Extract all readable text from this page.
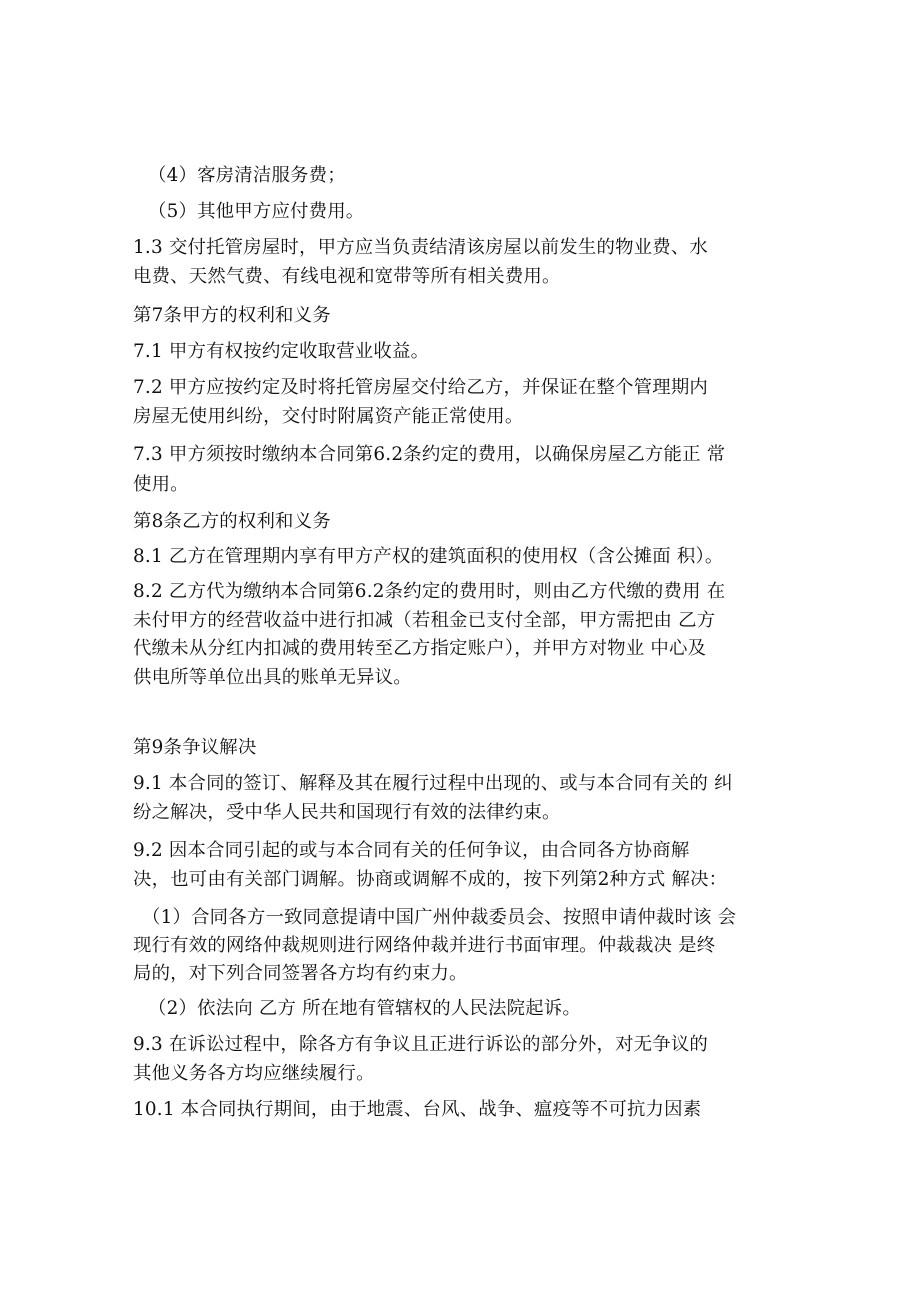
（4）客房清洁服务费；
（5）其他甲方应付费用。
1.3 交付托管房屋时，甲方应当负责结清该房屋以前发生的物业费、水
电费、天然气费、有线电视和宽带等所有相关费用。
第7条甲方的权利和义务
7.1 甲方有权按约定收取营业收益。
7.2 甲方应按约定及时将托管房屋交付给乙方，并保证在整个管理期内
房屋无使用纠纷，交付时附属资产能正常使用。
7.3 甲方须按时缴纳本合同第6.2条约定的费用，以确保房屋乙方能正 常
使用。
第8条乙方的权利和义务
8.1 乙方在管理期内享有甲方产权的建筑面积的使用权（含公摊面 积）。
8.2 乙方代为缴纳本合同第6.2条约定的费用时，则由乙方代缴的费用 在
未付甲方的经营收益中进行扣减（若租金已支付全部，甲方需把由 乙方
代缴未从分红内扣减的费用转至乙方指定账户），并甲方对物业 中心及
供电所等单位出具的账单无异议。
第9条争议解决
9.1 本合同的签订、解释及其在履行过程中出现的、或与本合同有关的 纠
纷之解决，受中华人民共和国现行有效的法律约束。
9.2 因本合同引起的或与本合同有关的任何争议，由合同各方协商解
决，也可由有关部门调解。协商或调解不成的，按下列第2种方式 解决：
（1）合同各方一致同意提请中国广州仲裁委员会、按照申请仲裁时该 会
现行有效的网络仲裁规则进行网络仲裁并进行书面审理。仲裁裁决 是终
局的，对下列合同签署各方均有约束力。
（2）依法向 乙方 所在地有管辖权的人民法院起诉。
9.3 在诉讼过程中，除各方有争议且正进行诉讼的部分外，对无争议的
其他义务各方均应继续履行。
10.1 本合同执行期间，由于地震、台风、战争、瘟疫等不可抗力因素
